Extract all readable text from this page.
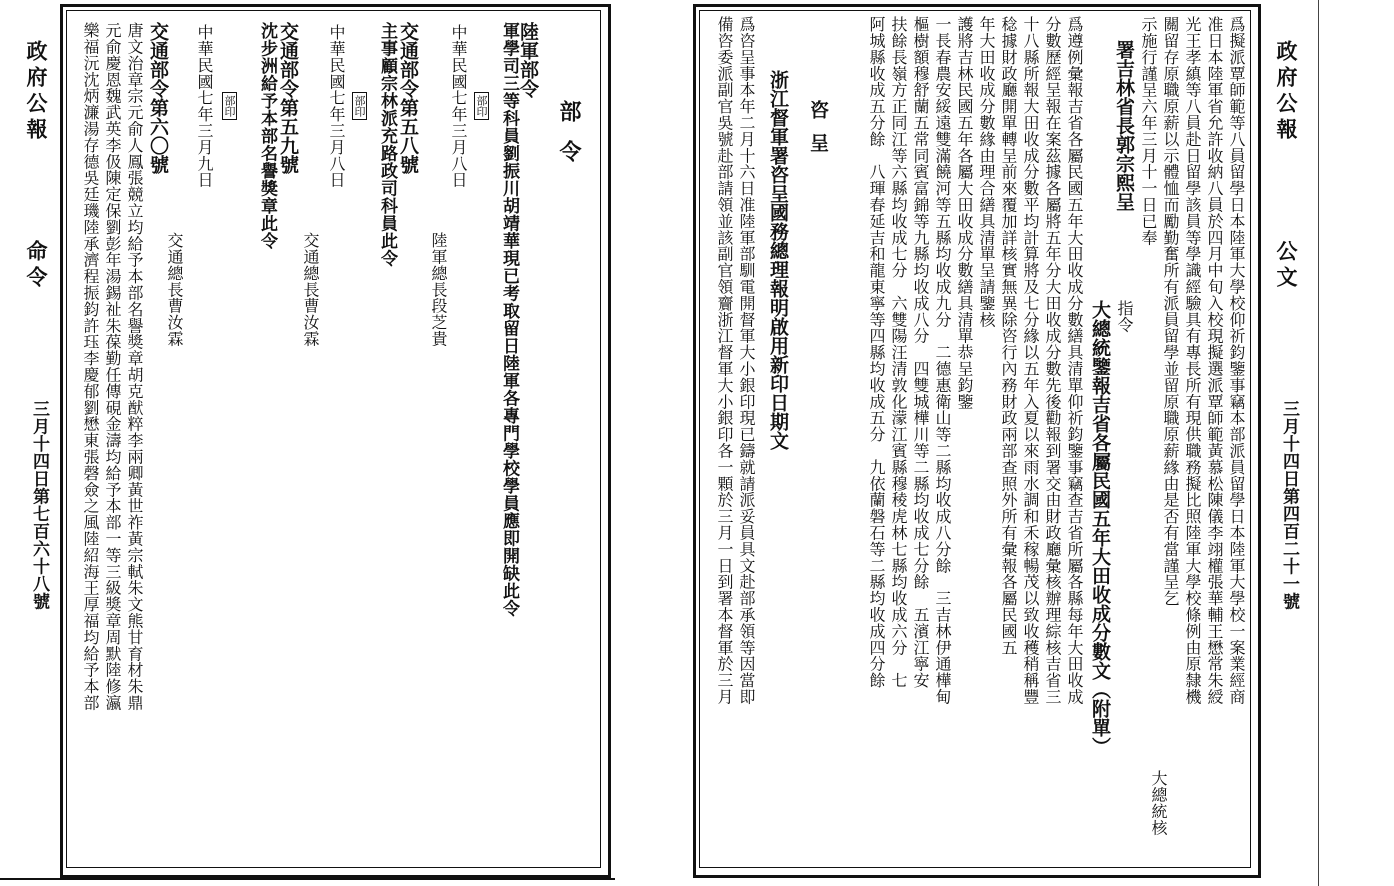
政府公報
命令
三月十四日第七百六十八號
部令
陸軍部令
軍學司三等科員劉振川胡靖華現已考取留日陸軍各專門學校學員應即開缺此令
部印
中華民國七年三月八日
陸軍總長段芝貴
交通部令第五八號
主事顧宗林派充路政司科員此令
部印
中華民國七年三月八日
交通總長曹汝霖
交通部令第五九號
沈步洲給予本部名譽獎章此令
部印
中華民國七年三月九日
交通總長曹汝霖
交通部令第六〇號
唐文治章宗元俞人鳳張競立均給予本部名譽獎章胡克猷粹李兩卿黃世祚黃宗軾朱文熊甘育材朱鼎
元俞慶恩魏武英李伋陳定保劉彭年湯錫祉朱葆勤任傳硯金濤均給予本部一等三級獎章周默陸修瀛
樂福沅沈炳濂湯存德吳廷璣陸承濟程振鈞許珏李慶郁劉懋東張磬僉之風陸紹海王厚福均給予本部	政府公報
公文
三月十四日第四百二十一號
爲擬派覃師範等八員留學日本陸軍大學校仰祈鈞鑒事竊本部派員留學日本陸軍大學校一案業經商
准日本陸軍省允許收納八員於四月中旬入校現擬選派覃師範黃慕松陳儀李翊權張華輔王懋常朱綬
光王孝縝等八員赴日留學該員等學識經驗具有專長所有現供職務擬比照陸軍大學校條例由原隸機
關留存原職原薪以示體恤而勵勤奮所有派員留學並留原職原薪緣由是否有當謹呈乞
大總統核
示施行謹呈六年三月十一日已奉
指令
署吉林省長郭宗熙呈
大總統鑒
報吉省各屬民國五年大田收成分數文（附單）
爲遵例彙報吉省各屬民國五年大田收成分數繕具清單仰祈鈞鑒事竊查吉省所屬各縣每年大田收成
分數歷經呈報在案茲據各屬將五年分大田收成分數先後勸報到署交由財政廳彙核辦理綜核吉省三
十八縣所報大田收成分數平均計算將及七分緣以五年入夏以來雨水調和禾稼暢茂以致收穫稍稱豐
稔據財政廳開單轉呈前來覆加詳核實無異除咨行內務財政兩部查照外所有彙報各屬民國五
年大田收成分數緣由理合繕具清單呈請鑒核
護將吉林民國五年各屬大田收成分數繕具清單恭呈鈞鑒
一長春農安綏遠雙滿饒河等五縣均收成九分　二德惠衛山等二縣均收成八分餘　三吉林伊通樺甸
樞樹額穆舒蘭五常同賓富錦等九縣均收成八分　四雙城樺川等二縣均收成七分餘　五濱江寧安
扶餘長嶺方正同江等六縣均收成七分　六雙陽汪清敦化濛江賓縣穆稜虎林七縣均收成六分　七
阿城縣收成五分餘　八琿春延吉和龍東寧等四縣均收成五分　九依蘭磐石等二縣均收成四分餘
咨呈
浙江督軍署咨呈國務總理報明啟用新印日期文
爲咨呈事本年二月十六日准陸軍部馴電開督軍大小銀印現已鑄就請派妥員具文赴部承領等因當即
備咨委派副官吳號赴部請領並該副官領齎浙江督軍大小銀印各一顆於三月一日到署本督軍於三月
